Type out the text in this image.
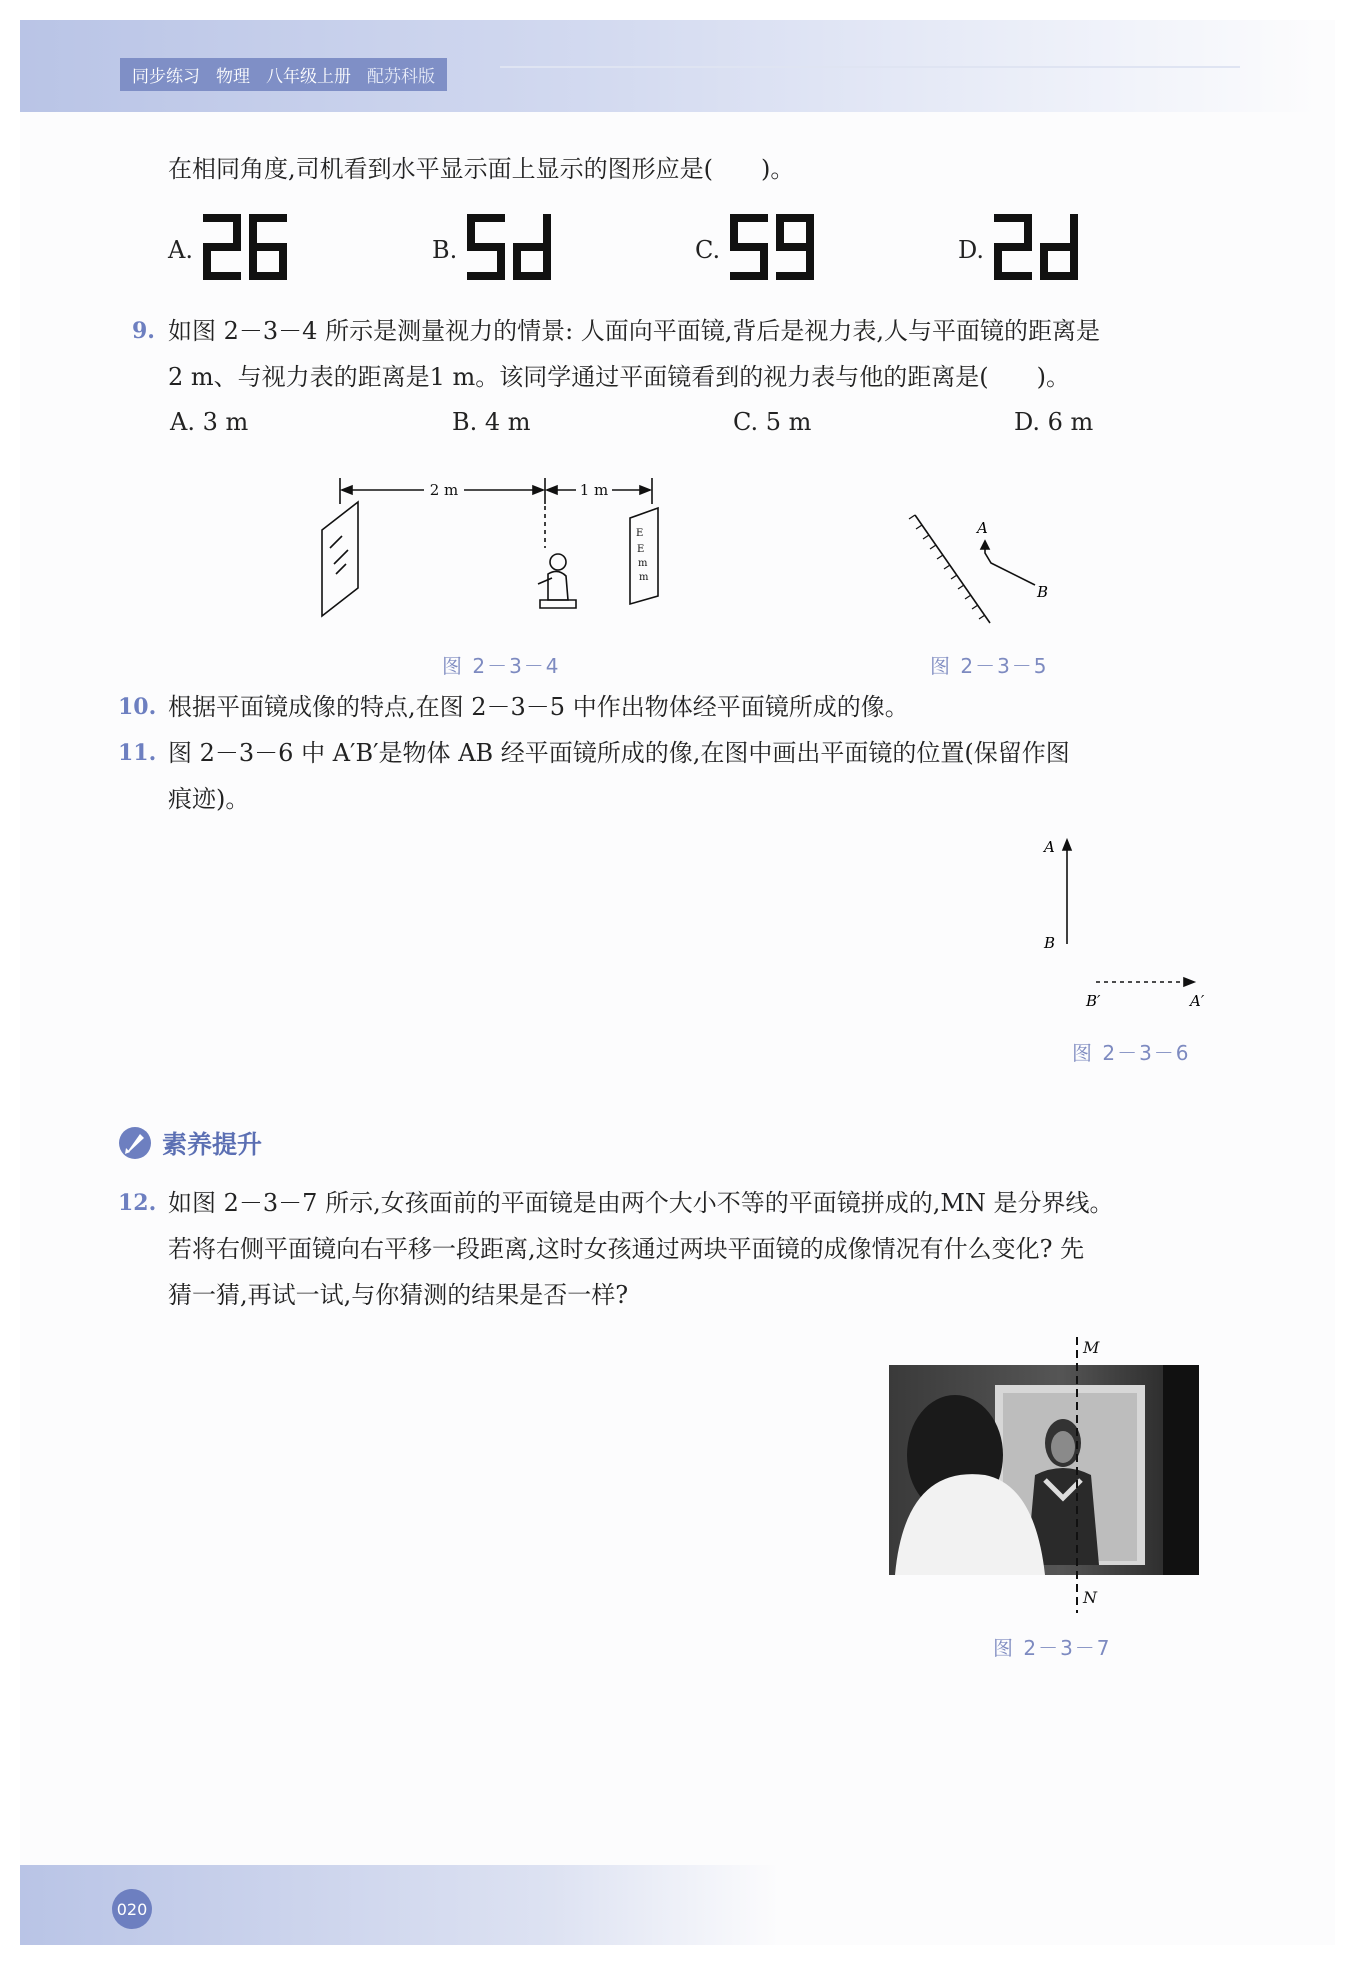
同步练习 物理 八年级上册 配苏科版
在相同角度,司机看到水平显示面上显示的图形应是(　　)。
A.	B.	C.	D.
9. 如图 2－3－4 所示是测量视力的情景: 人面向平面镜,背后是视力表,人与平面镜的距离是
2 m、与视力表的距离是1 m。该同学通过平面镜看到的视力表与他的距离是(　　)。
A. 3 m	B. 4 m	C. 5 m	D. 6 m
E
E
m
m
2 m	1 m
图 2－3－4
A
B
图 2－3－5
10. 根据平面镜成像的特点,在图 2－3－5 中作出物体经平面镜所成的像。
11. 图 2－3－6 中 A′B′是物体 AB 经平面镜所成的像,在图中画出平面镜的位置(保留作图
痕迹)。
A
B
B′	A′
图 2－3－6
素养提升
12. 如图 2－3－7 所示,女孩面前的平面镜是由两个大小不等的平面镜拼成的,MN 是分界线。
若将右侧平面镜向右平移一段距离,这时女孩通过两块平面镜的成像情况有什么变化? 先
猜一猜,再试一试,与你猜测的结果是否一样?
M
N
图 2－3－7
020
